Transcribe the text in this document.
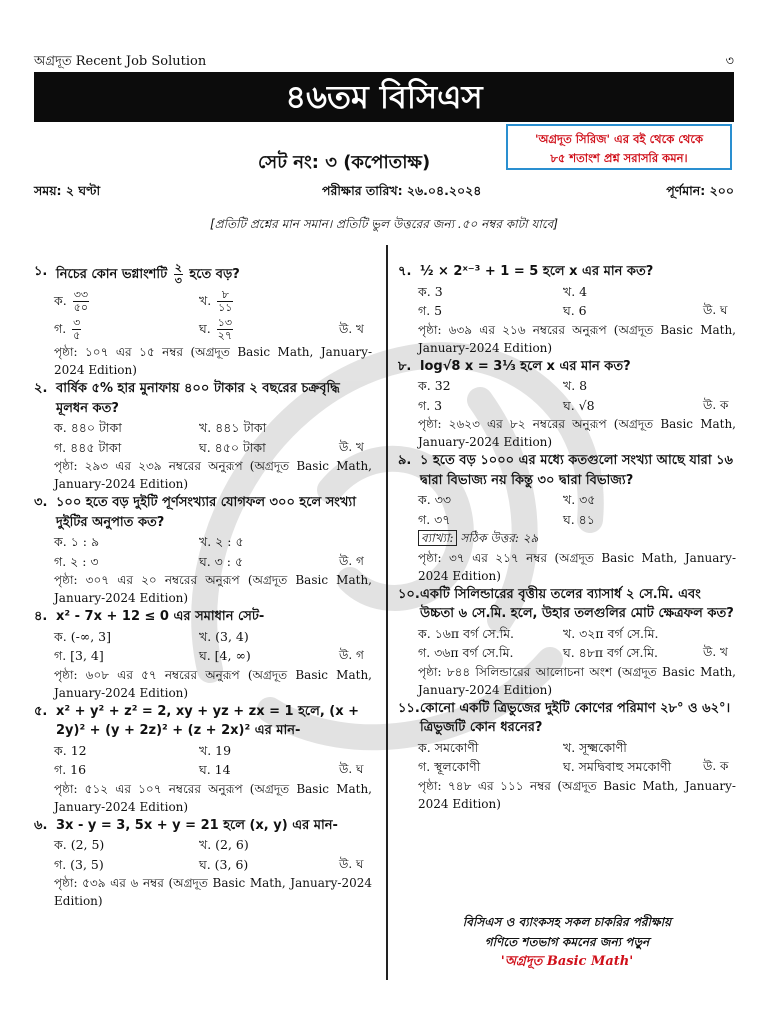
অগ্রদূত Recent Job Solution	৩
৪৬তম বিসিএস
'অগ্রদূত সিরিজ' এর বই থেকে থেকে
৮৫ শতাংশ প্রশ্ন সরাসরি কমন।
সেট নং: ৩ (কপোতাক্ষ)
সময়: ২ ঘণ্টা	পরীক্ষার তারিখ: ২৬.০৪.২০২৪	পূর্ণমান: ২০০
[প্রতিটি প্রশ্নের মান সমান। প্রতিটি ভুল উত্তরের জন্য .৫০ নম্বর কাটা যাবে]
১. নিচের কোন ভগ্নাংশটি $\frac{২}{৩}$ হতে বড়?
ক. $\frac{৩৩}{৫০}$	খ. $\frac{৮}{১১}$
গ. $\frac{৩}{৫}$	ঘ. $\frac{১৩}{২৭}$	উ. খ
পৃষ্ঠা: ১০৭ এর ১৫ নম্বর (অগ্রদূত Basic Math, January-2024 Edition)
২. বার্ষিক ৫% হার মুনাফায় ৪০০ টাকার ২ বছরের চক্রবৃদ্ধি মূলধন কত?
ক. ৪৪০ টাকা	খ. ৪৪১ টাকা
গ. ৪৪৫ টাকা	ঘ. ৪৫০ টাকা	উ. খ
পৃষ্ঠা: ২৯৩ এর ২৩৯ নম্বরের অনুরূপ (অগ্রদূত Basic Math, January-2024 Edition)
৩. ১০০ হতে বড় দুইটি পূর্ণসংখ্যার যোগফল ৩০০ হলে সংখ্যা দুইটির অনুপাত কত?
ক. ১ : ৯	খ. ২ : ৫
গ. ২ : ৩	ঘ. ৩ : ৫	উ. গ
পৃষ্ঠা: ৩০৭ এর ২০ নম্বরের অনুরূপ (অগ্রদূত Basic Math, January-2024 Edition)
৪. x² - 7x + 12 ≤ 0 এর সমাধান সেট-
ক. (-∞, 3]	খ. (3, 4)
গ. [3, 4]	ঘ. [4, ∞)	উ. গ
পৃষ্ঠা: ৬০৮ এর ৫৭ নম্বরের অনুরূপ (অগ্রদূত Basic Math, January-2024 Edition)
৫. x² + y² + z² = 2, xy + yz + zx = 1 হলে, (x + 2y)² + (y + 2z)² + (z + 2x)² এর মান-
ক. 12	খ. 19
গ. 16	ঘ. 14	উ. ঘ
পৃষ্ঠা: ৫১২ এর ১০৭ নম্বরের অনুরূপ (অগ্রদূত Basic Math, January-2024 Edition)
৬. 3x - y = 3, 5x + y = 21 হলে (x, y) এর মান-
ক. (2, 5)	খ. (2, 6)
গ. (3, 5)	ঘ. (3, 6)	উ. ঘ
পৃষ্ঠা: ৫৩৯ এর ৬ নম্বর (অগ্রদূত Basic Math, January-2024 Edition)
৭. ½ × 2ˣ⁻³ + 1 = 5 হলে x এর মান কত?
ক. 3	খ. 4
গ. 5	ঘ. 6	উ. ঘ
পৃষ্ঠা: ৬৩৯ এর ২১৬ নম্বরের অনুরূপ (অগ্রদূত Basic Math, January-2024 Edition)
৮. log√8 x = 3⅓ হলে x এর মান কত?
ক. 32	খ. 8
গ. 3	ঘ. √8	উ. ক
পৃষ্ঠা: ২৬২৩ এর ৮২ নম্বরের অনুরূপ (অগ্রদূত Basic Math, January-2024 Edition)
৯. ১ হতে বড় ১০০০ এর মধ্যে কতগুলো সংখ্যা আছে যারা ১৬ দ্বারা বিভাজ্য নয় কিন্তু ৩০ দ্বারা বিভাজ্য?
ক. ৩৩	খ. ৩৫
গ. ৩৭	ঘ. ৪১
ব্যাখ্যা: সঠিক উত্তর: ২৯
পৃষ্ঠা: ৩৭ এর ২১৭ নম্বর (অগ্রদূত Basic Math, January-2024 Edition)
১০. একটি সিলিন্ডারের বৃত্তীয় তলের ব্যাসার্ধ ২ সে.মি. এবং উচ্চতা ৬ সে.মি. হলে, উহার তলগুলির মোট ক্ষেত্রফল কত?
ক. ১৬π বর্গ সে.মি.	খ. ৩২π বর্গ সে.মি.
গ. ৩৬π বর্গ সে.মি.	ঘ. ৪৮π বর্গ সে.মি.	উ. খ
পৃষ্ঠা: ৮৪৪ সিলিন্ডারের আলোচনা অংশ (অগ্রদূত Basic Math, January-2024 Edition)
১১. কোনো একটি ত্রিভুজের দুইটি কোণের পরিমাণ ২৮° ও ৬২°। ত্রিভুজটি কোন ধরনের?
ক. সমকোণী	খ. সূক্ষ্মকোণী
গ. স্থূলকোণী	ঘ. সমদ্বিবাহু সমকোণী	উ. ক
পৃষ্ঠা: ৭৪৮ এর ১১১ নম্বর (অগ্রদূত Basic Math, January-2024 Edition)
বিসিএস ও ব্যাংকসহ সকল চাকরির পরীক্ষায়
গণিতে শতভাগ কমনের জন্য পড়ুন
'অগ্রদূত Basic Math'
